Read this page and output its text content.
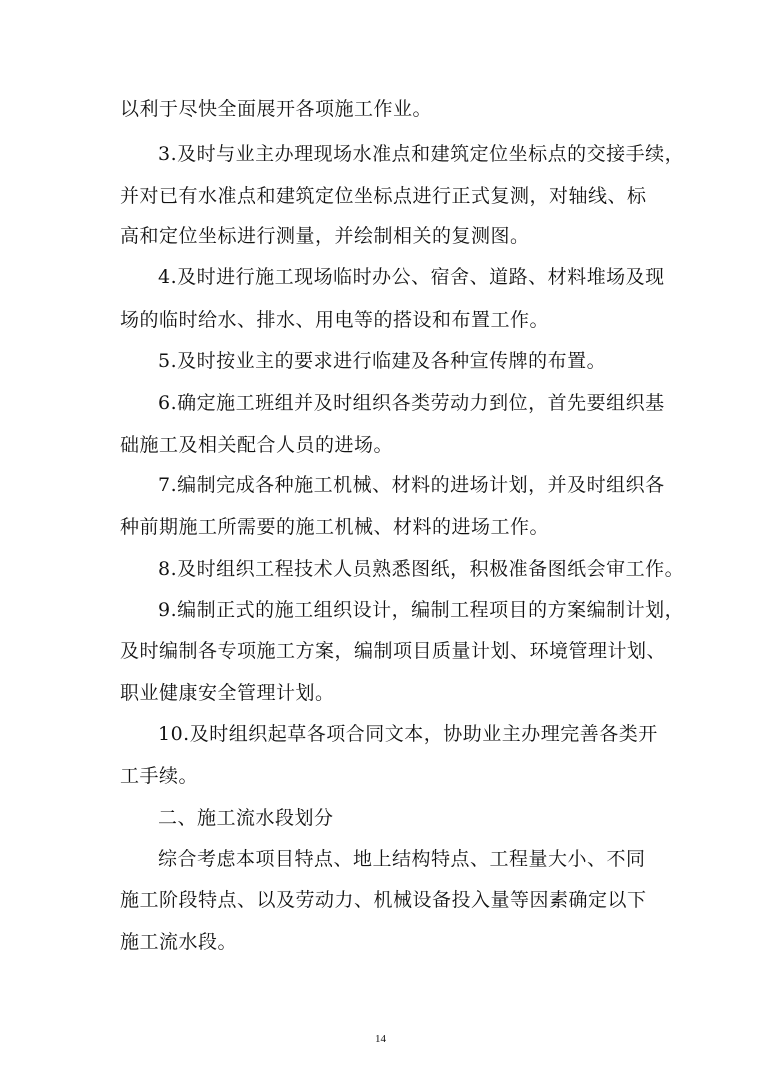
以利于尽快全面展开各项施工作业。
3.及时与业主办理现场水准点和建筑定位坐标点的交接手续，
并对已有水准点和建筑定位坐标点进行正式复测，对轴线、标
高和定位坐标进行测量，并绘制相关的复测图。
4.及时进行施工现场临时办公、宿舍、道路、材料堆场及现
场的临时给水、排水、用电等的搭设和布置工作。
5.及时按业主的要求进行临建及各种宣传牌的布置。
6.确定施工班组并及时组织各类劳动力到位，首先要组织基
础施工及相关配合人员的进场。
7.编制完成各种施工机械、材料的进场计划，并及时组织各
种前期施工所需要的施工机械、材料的进场工作。
8.及时组织工程技术人员熟悉图纸，积极准备图纸会审工作。
9.编制正式的施工组织设计，编制工程项目的方案编制计划，
及时编制各专项施工方案，编制项目质量计划、环境管理计划、
职业健康安全管理计划。
10.及时组织起草各项合同文本，协助业主办理完善各类开
工手续。
二、施工流水段划分
综合考虑本项目特点、地上结构特点、工程量大小、不同
施工阶段特点、以及劳动力、机械设备投入量等因素确定以下
施工流水段。
14
